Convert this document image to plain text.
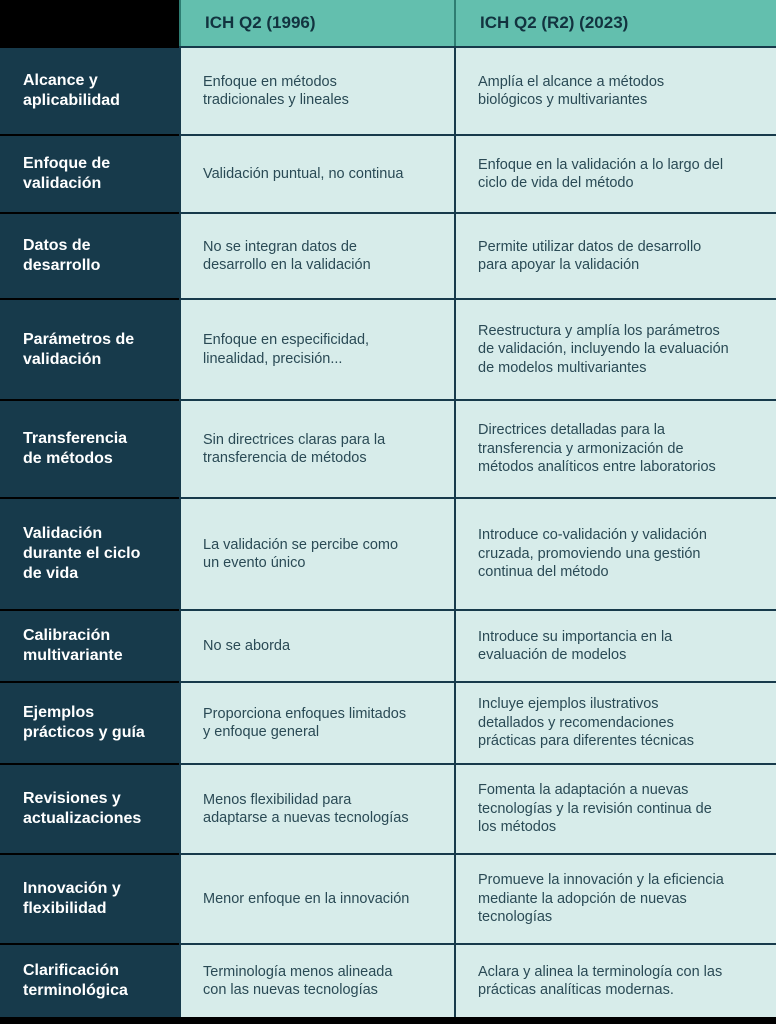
ICH Q2 (1996)	ICH Q2 (R2) (2023)
Alcance y
aplicabilidad
Enfoque en métodos
tradicionales y lineales
Amplía el alcance a métodos
biológicos y multivariantes
Enfoque de
validación
Validación puntual, no continua
Enfoque en la validación a lo largo del
ciclo de vida del método
Datos de
desarrollo
No se integran datos de
desarrollo en la validación
Permite utilizar datos de desarrollo
para apoyar la validación
Parámetros de
validación
Enfoque en especificidad,
linealidad, precisión...
Reestructura y amplía los parámetros
de validación, incluyendo la evaluación
de modelos multivariantes
Transferencia
de métodos
Sin directrices claras para la
transferencia de métodos
Directrices detalladas para la
transferencia y armonización de
métodos analíticos entre laboratorios
Validación
durante el ciclo
de vida
La validación se percibe como
un evento único
Introduce co-validación y validación
cruzada, promoviendo una gestión
continua del método
Calibración
multivariante
No se aborda
Introduce su importancia en la
evaluación de modelos
Ejemplos
prácticos y guía
Proporciona enfoques limitados
y enfoque general
Incluye ejemplos ilustrativos
detallados y recomendaciones
prácticas para diferentes técnicas
Revisiones y
actualizaciones
Menos flexibilidad para
adaptarse a nuevas tecnologías
Fomenta la adaptación a nuevas
tecnologías y la revisión continua de
los métodos
Innovación y
flexibilidad
Menor enfoque en la innovación
Promueve la innovación y la eficiencia
mediante la adopción de nuevas
tecnologías
Clarificación
terminológica
Terminología menos alineada
con las nuevas tecnologías
Aclara y alinea la terminología con las
prácticas analíticas modernas.
